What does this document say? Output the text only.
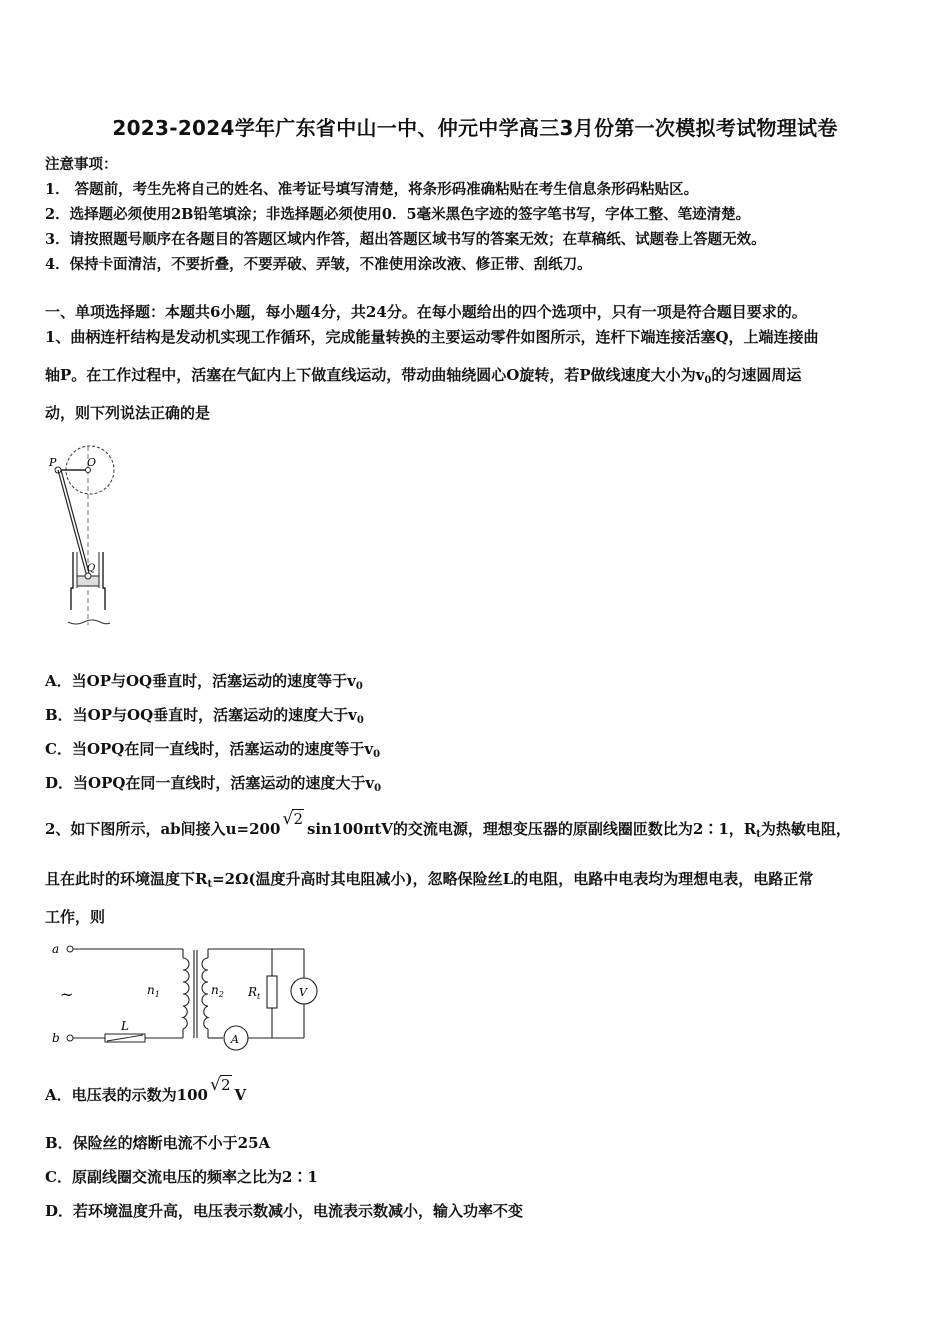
2023-2024学年广东省中山一中、仲元中学高三3月份第一次模拟考试物理试卷
注意事项：
1． 答题前，考生先将自己的姓名、准考证号填写清楚，将条形码准确粘贴在考生信息条形码粘贴区。
2．选择题必须使用2B铅笔填涂；非选择题必须使用0．5毫米黑色字迹的签字笔书写，字体工整、笔迹清楚。
3．请按照题号顺序在各题目的答题区域内作答，超出答题区域书写的答案无效；在草稿纸、试题卷上答题无效。
4．保持卡面清洁，不要折叠，不要弄破、弄皱，不准使用涂改液、修正带、刮纸刀。
一、单项选择题：本题共6小题，每小题4分，共24分。在每小题给出的四个选项中，只有一项是符合题目要求的。
1、曲柄连杆结构是发动机实现工作循环，完成能量转换的主要运动零件如图所示，连杆下端连接活塞Q，上端连接曲
轴P。在工作过程中，活塞在气缸内上下做直线运动，带动曲轴绕圆心O旋转，若P做线速度大小为$v_0$的匀速圆周运
动，则下列说法正确的是
P	O
Q
A．当OP与OQ垂直时，活塞运动的速度等于$v_0$
B．当OP与OQ垂直时，活塞运动的速度大于$v_0$
C．当OPQ在同一直线时，活塞运动的速度等于$v_0$
D．当OPQ在同一直线时，活塞运动的速度大于$v_0$
2、如下图所示，ab间接入u=200 √ 2sin100πtV的交流电源，理想变压器的原副线圈匝数比为2∶1，$R_t$为热敏电阻，
且在此时的环境温度下$R_t=2\Omega$(温度升高时其电阻减小)，忽略保险丝L的电阻，电路中电表均为理想电表，电路正常
工作，则
a
b
~	$n_1$	$n_2$ $R_t$	V
A
L
A．电压表的示数为100 √ 2V
B．保险丝的熔断电流不小于25A
C．原副线圈交流电压的频率之比为2∶1
D．若环境温度升高，电压表示数减小，电流表示数减小，输入功率不变
